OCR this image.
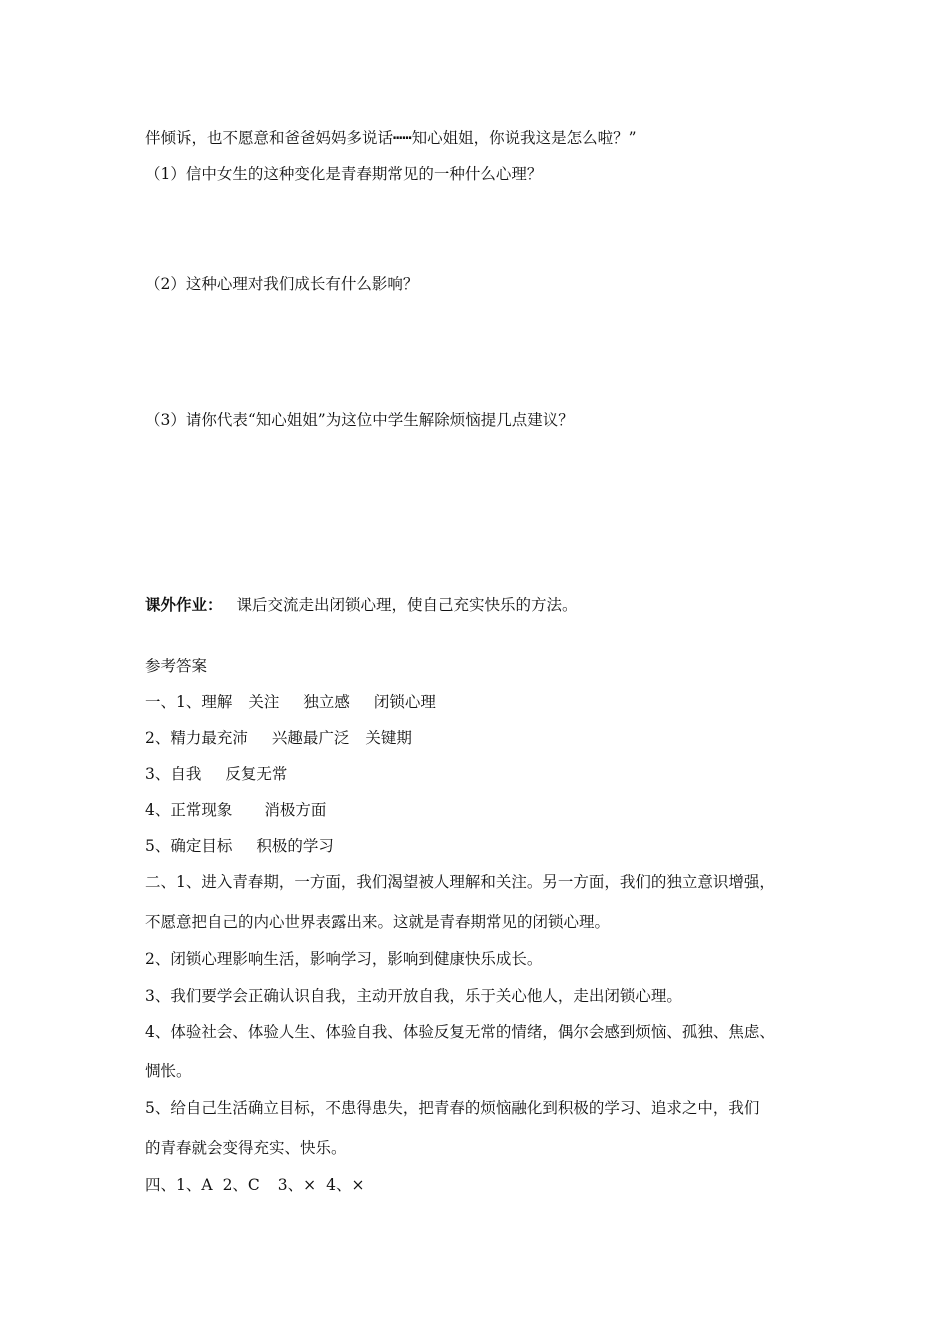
伴倾诉，也不愿意和爸爸妈妈多说话┅┅知心姐姐，你说我这是怎么啦？”
（1）信中女生的这种变化是青春期常见的一种什么心理？
（2）这种心理对我们成长有什么影响？
（3）请你代表“知心姐姐”为这位中学生解除烦恼提几点建议？
课外作业： 课后交流走出闭锁心理，使自己充实快乐的方法。
参考答案
一、1、理解 关注 独立感 闭锁心理
2、精力最充沛 兴趣最广泛 关键期
3、自我 反复无常
4、正常现象 消极方面
5、确定目标 积极的学习
二、1、进入青春期，一方面，我们渴望被人理解和关注。另一方面，我们的独立意识增强，
不愿意把自己的内心世界表露出来。这就是青春期常见的闭锁心理。
2、闭锁心理影响生活，影响学习，影响到健康快乐成长。
3、我们要学会正确认识自我，主动开放自我，乐于关心他人，走出闭锁心理。
4、体验社会、体验人生、体验自我、体验反复无常的情绪，偶尔会感到烦恼、孤独、焦虑、
惆怅。
5、给自己生活确立目标，不患得患失，把青春的烦恼融化到积极的学习、追求之中，我们
的青春就会变得充实、快乐。
四、1、A 2、C 3、× 4、×
